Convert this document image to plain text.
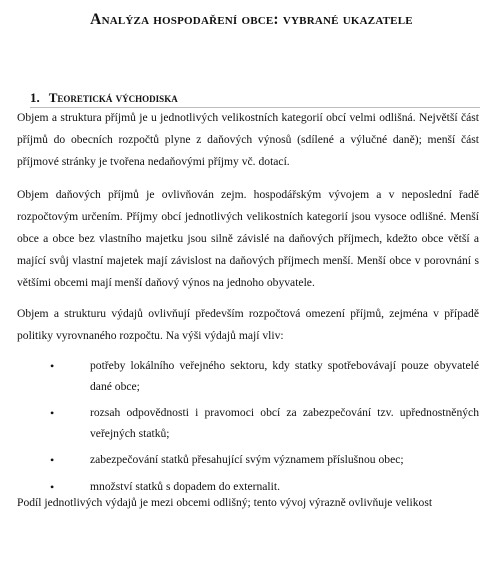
Analýza hospodaření obce: vybrané ukazatele
1. Teoretická východiska

Objem a struktura příjmů je u jednotlivých velikostních kategorií obcí velmi odlišná. Největší část příjmů do obecních rozpočtů plyne z daňových výnosů (sdílené a výlučné daně); menší část příjmové stránky je tvořena nedaňovými příjmy vč. dotací.

Objem daňových příjmů je ovlivňován zejm. hospodářským vývojem a v neposlední řadě rozpočtovým určením. Příjmy obcí jednotlivých velikostních kategorií jsou vysoce odlišné. Menší obce a obce bez vlastního majetku jsou silně závislé na daňových příjmech, kdežto obce větší a mající svůj vlastní majetek mají závislost na daňových příjmech menší. Menší obce v porovnání s většími obcemi mají menší daňový výnos na jednoho obyvatele.

Objem a strukturu výdajů ovlivňují především rozpočtová omezení příjmů, zejména v případě politiky vyrovnaného rozpočtu. Na výši výdajů mají vliv:

•	potřeby lokálního veřejného sektoru, kdy statky spotřebovávají pouze obyvatelé dané obce;
•	rozsah odpovědnosti i pravomoci obcí za zabezpečování tzv. upřednostněných veřejných statků;
•	zabezpečování statků přesahující svým významem příslušnou obec;
•	množství statků s dopadem do externalit.

Podíl jednotlivých výdajů je mezi obcemi odlišný; tento vývoj výrazně ovlivňuje velikost
